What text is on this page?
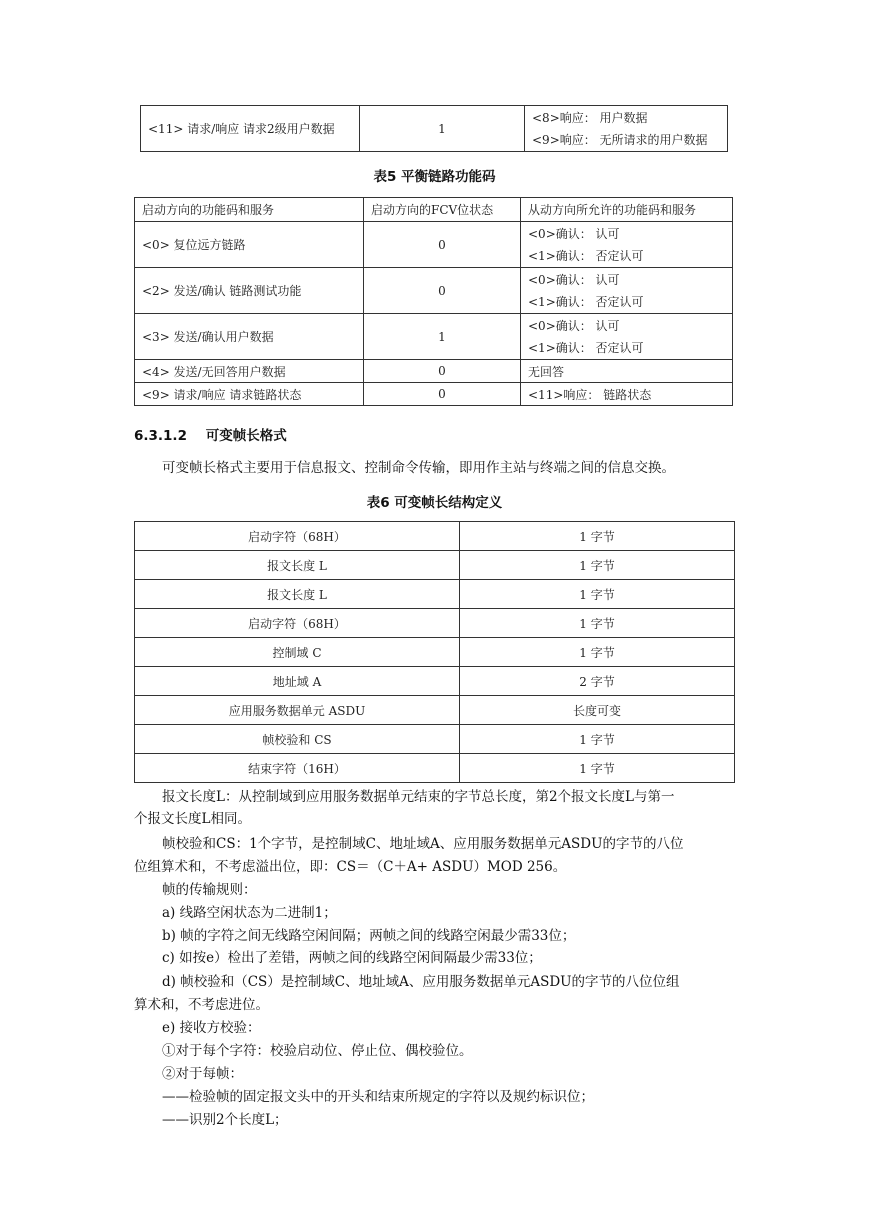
<11> 请求/响应 请求2级用户数据	1	
<8>响应： 用户数据
<9>响应： 无所请求的用户数据
表5 平衡链路功能码
启动方向的功能码和服务	启动方向的FCV位状态	从动方向所允许的功能码和服务
<0> 复位远方链路	0	<0>确认： 认可
<1>确认： 否定认可

<2> 发送/确认 链路测试功能	0	<0>确认： 认可
<1>确认： 否定认可

<3> 发送/确认用户数据	1	<0>确认： 认可
<1>确认： 否定认可

<4> 发送/无回答用户数据	0	无回答
<9> 请求/响应 请求链路状态	0	<11>响应： 链路状态
6.3.1.2    可变帧长格式
可变帧长格式主要用于信息报文、控制命令传输，即用作主站与终端之间的信息交换。
表6 可变帧长结构定义
启动字符（68H）	1 字节
报文长度 L	1 字节
报文长度 L	1 字节
启动字符（68H）	1 字节
控制域 C	1 字节
地址域 A	2 字节
应用服务数据单元 ASDU	长度可变
帧校验和 CS	1 字节
结束字符（16H）	1 字节
报文长度L：从控制域到应用服务数据单元结束的字节总长度，第2个报文长度L与第一
个报文长度L相同。
帧校验和CS：1个字节，是控制域C、地址域A、应用服务数据单元ASDU的字节的八位
位组算术和，不考虑溢出位，即：CS＝（C＋A+ ASDU）MOD 256。
帧的传输规则：
a) 线路空闲状态为二进制1；
b) 帧的字符之间无线路空闲间隔；两帧之间的线路空闲最少需33位；
c) 如按e）检出了差错，两帧之间的线路空闲间隔最少需33位；
d) 帧校验和（CS）是控制域C、地址域A、应用服务数据单元ASDU的字节的八位位组
算术和，不考虑进位。
e) 接收方校验：
①对于每个字符：校验启动位、停止位、偶校验位。
②对于每帧：
——检验帧的固定报文头中的开头和结束所规定的字符以及规约标识位；
——识别2个长度L；
